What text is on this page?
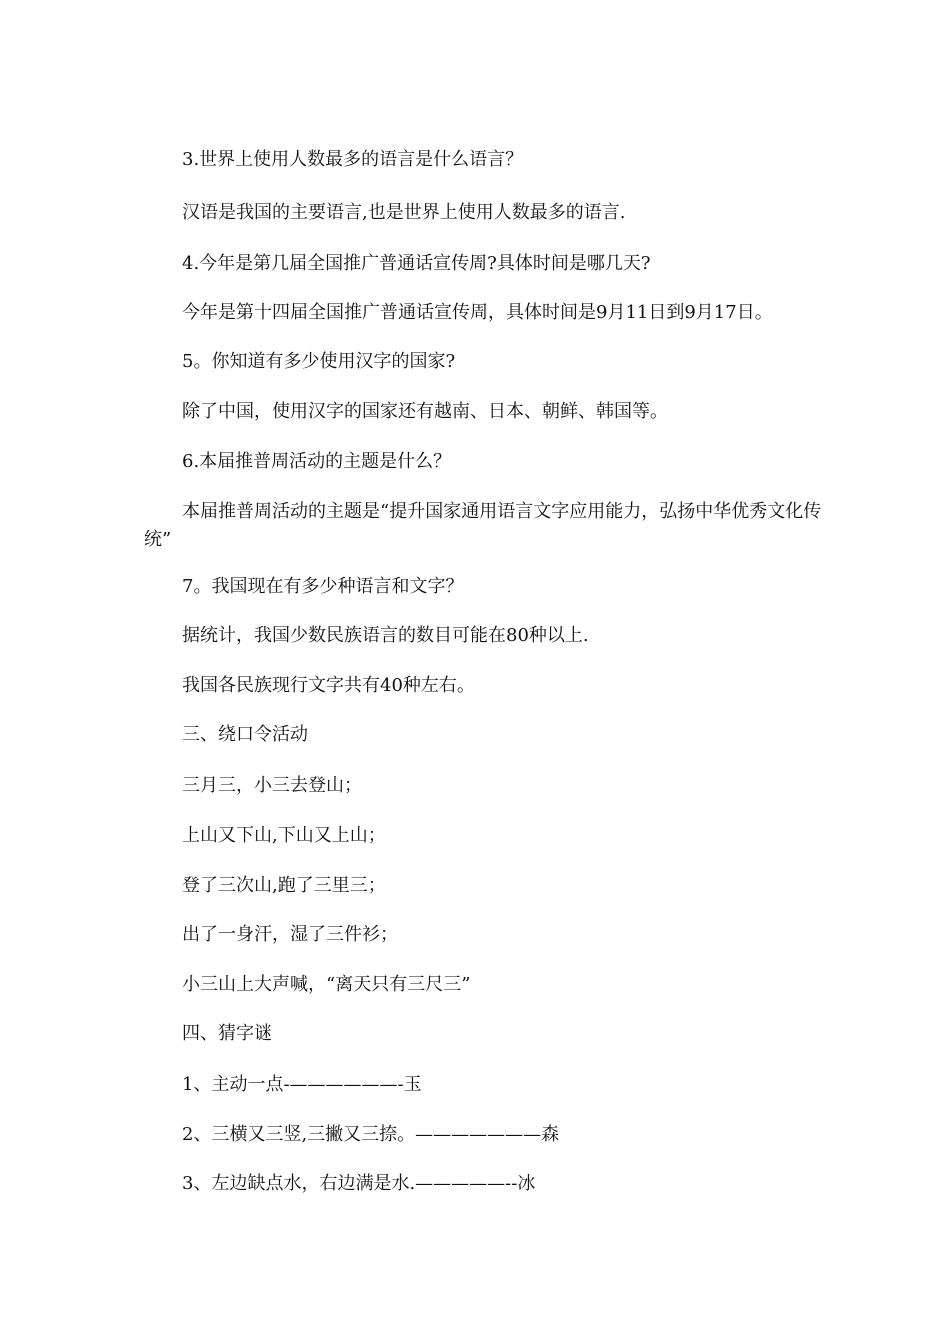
3.世界上使用人数最多的语言是什么语言？

汉语是我国的主要语言,也是世界上使用人数最多的语言.

4.今年是第几届全国推广普通话宣传周?具体时间是哪几天?

今年是第十四届全国推广普通话宣传周，具体时间是9月11日到9月17日。

5。你知道有多少使用汉字的国家?

除了中国，使用汉字的国家还有越南、日本、朝鲜、韩国等。

6.本届推普周活动的主题是什么？

本届推普周活动的主题是“提升国家通用语言文字应用能力，弘扬中华优秀文化传统”

7。我国现在有多少种语言和文字？

据统计，我国少数民族语言的数目可能在80种以上.

我国各民族现行文字共有40种左右。

三、绕口令活动

三月三，小三去登山；

上山又下山,下山又上山；

登了三次山,跑了三里三；

出了一身汗，湿了三件衫；

小三山上大声喊，“离天只有三尺三”

四、猜字谜

1、主动一点-——————-玉

2、三横又三竖,三撇又三捺。———————森

3、左边缺点水，右边满是水.—————--冰
